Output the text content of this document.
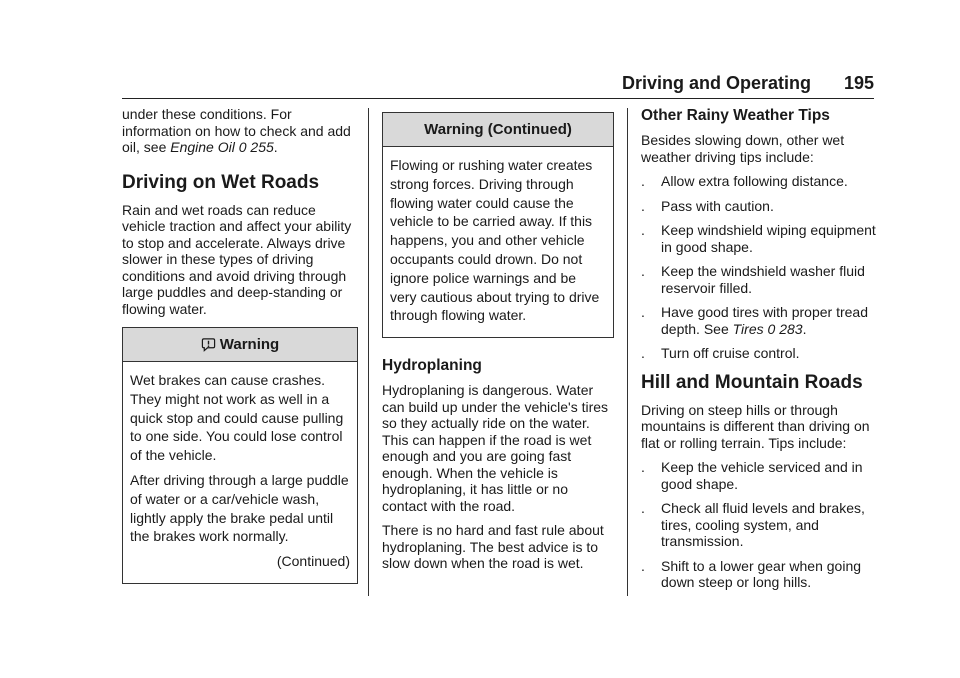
Driving and Operating 195

under these conditions. For information on how to check and add oil, see Engine Oil 0 255.

Driving on Wet Roads

Rain and wet roads can reduce vehicle traction and affect your ability to stop and accelerate. Always drive slower in these types of driving conditions and avoid driving through large puddles and deep-standing or flowing water.

Warning

Wet brakes can cause crashes. They might not work as well in a quick stop and could cause pulling to one side. You could lose control of the vehicle.

After driving through a large puddle of water or a car/vehicle wash, lightly apply the brake pedal until the brakes work normally.

(Continued)

Warning (Continued)

Flowing or rushing water creates strong forces. Driving through flowing water could cause the vehicle to be carried away. If this happens, you and other vehicle occupants could drown. Do not ignore police warnings and be very cautious about trying to drive through flowing water.

Hydroplaning

Hydroplaning is dangerous. Water can build up under the vehicle's tires so they actually ride on the water. This can happen if the road is wet enough and you are going fast enough. When the vehicle is hydroplaning, it has little or no contact with the road.

There is no hard and fast rule about hydroplaning. The best advice is to slow down when the road is wet.

Other Rainy Weather Tips

Besides slowing down, other wet weather driving tips include:

.	Allow extra following distance.
.	Pass with caution.
.	Keep windshield wiping equipment in good shape.
.	Keep the windshield washer fluid reservoir filled.
.	Have good tires with proper tread depth. See Tires 0 283.
.	Turn off cruise control.
Hill and Mountain Roads

Driving on steep hills or through mountains is different than driving on flat or rolling terrain. Tips include:

.	Keep the vehicle serviced and in good shape.
.	Check all fluid levels and brakes, tires, cooling system, and transmission.
.	Shift to a lower gear when going down steep or long hills.
